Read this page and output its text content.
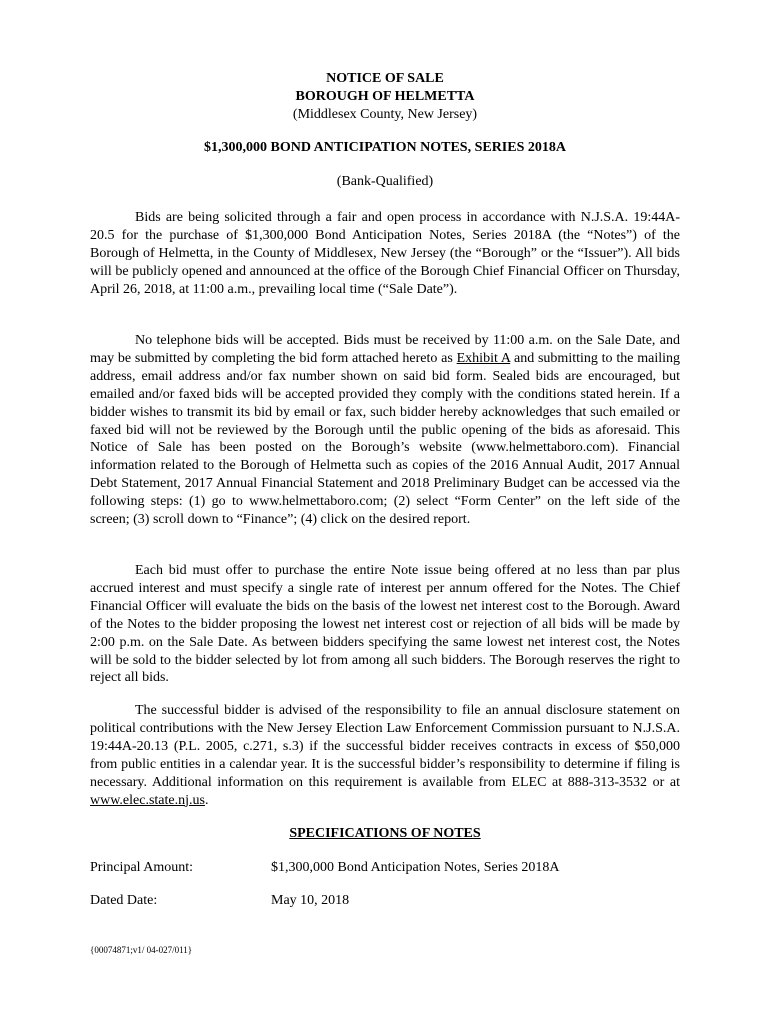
NOTICE OF SALE
BOROUGH OF HELMETTA
(Middlesex County, New Jersey)
$1,300,000 BOND ANTICIPATION NOTES, SERIES 2018A
(Bank-Qualified)
Bids are being solicited through a fair and open process in accordance with N.J.S.A. 19:44A-20.5 for the purchase of $1,300,000 Bond Anticipation Notes, Series 2018A (the “Notes”) of the Borough of Helmetta, in the County of Middlesex, New Jersey (the “Borough” or the “Issuer”). All bids will be publicly opened and announced at the office of the Borough Chief Financial Officer on Thursday, April 26, 2018, at 11:00 a.m., prevailing local time (“Sale Date”).
No telephone bids will be accepted. Bids must be received by 11:00 a.m. on the Sale Date, and may be submitted by completing the bid form attached hereto as Exhibit A and submitting to the mailing address, email address and/or fax number shown on said bid form. Sealed bids are encouraged, but emailed and/or faxed bids will be accepted provided they comply with the conditions stated herein. If a bidder wishes to transmit its bid by email or fax, such bidder hereby acknowledges that such emailed or faxed bid will not be reviewed by the Borough until the public opening of the bids as aforesaid. This Notice of Sale has been posted on the Borough’s website (www.helmettaboro.com). Financial information related to the Borough of Helmetta such as copies of the 2016 Annual Audit, 2017 Annual Debt Statement, 2017 Annual Financial Statement and 2018 Preliminary Budget can be accessed via the following steps: (1) go to www.helmettaboro.com; (2) select “Form Center” on the left side of the screen; (3) scroll down to “Finance”; (4) click on the desired report.
Each bid must offer to purchase the entire Note issue being offered at no less than par plus accrued interest and must specify a single rate of interest per annum offered for the Notes. The Chief Financial Officer will evaluate the bids on the basis of the lowest net interest cost to the Borough. Award of the Notes to the bidder proposing the lowest net interest cost or rejection of all bids will be made by 2:00 p.m. on the Sale Date. As between bidders specifying the same lowest net interest cost, the Notes will be sold to the bidder selected by lot from among all such bidders. The Borough reserves the right to reject all bids.
The successful bidder is advised of the responsibility to file an annual disclosure statement on political contributions with the New Jersey Election Law Enforcement Commission pursuant to N.J.S.A. 19:44A-20.13 (P.L. 2005, c.271, s.3) if the successful bidder receives contracts in excess of $50,000 from public entities in a calendar year. It is the successful bidder’s responsibility to determine if filing is necessary. Additional information on this requirement is available from ELEC at 888-313-3532 or at www.elec.state.nj.us.
SPECIFICATIONS OF NOTES
Principal Amount:	$1,300,000 Bond Anticipation Notes, Series 2018A
Dated Date:	May 10, 2018
{00074871;v1/ 04-027/011}
